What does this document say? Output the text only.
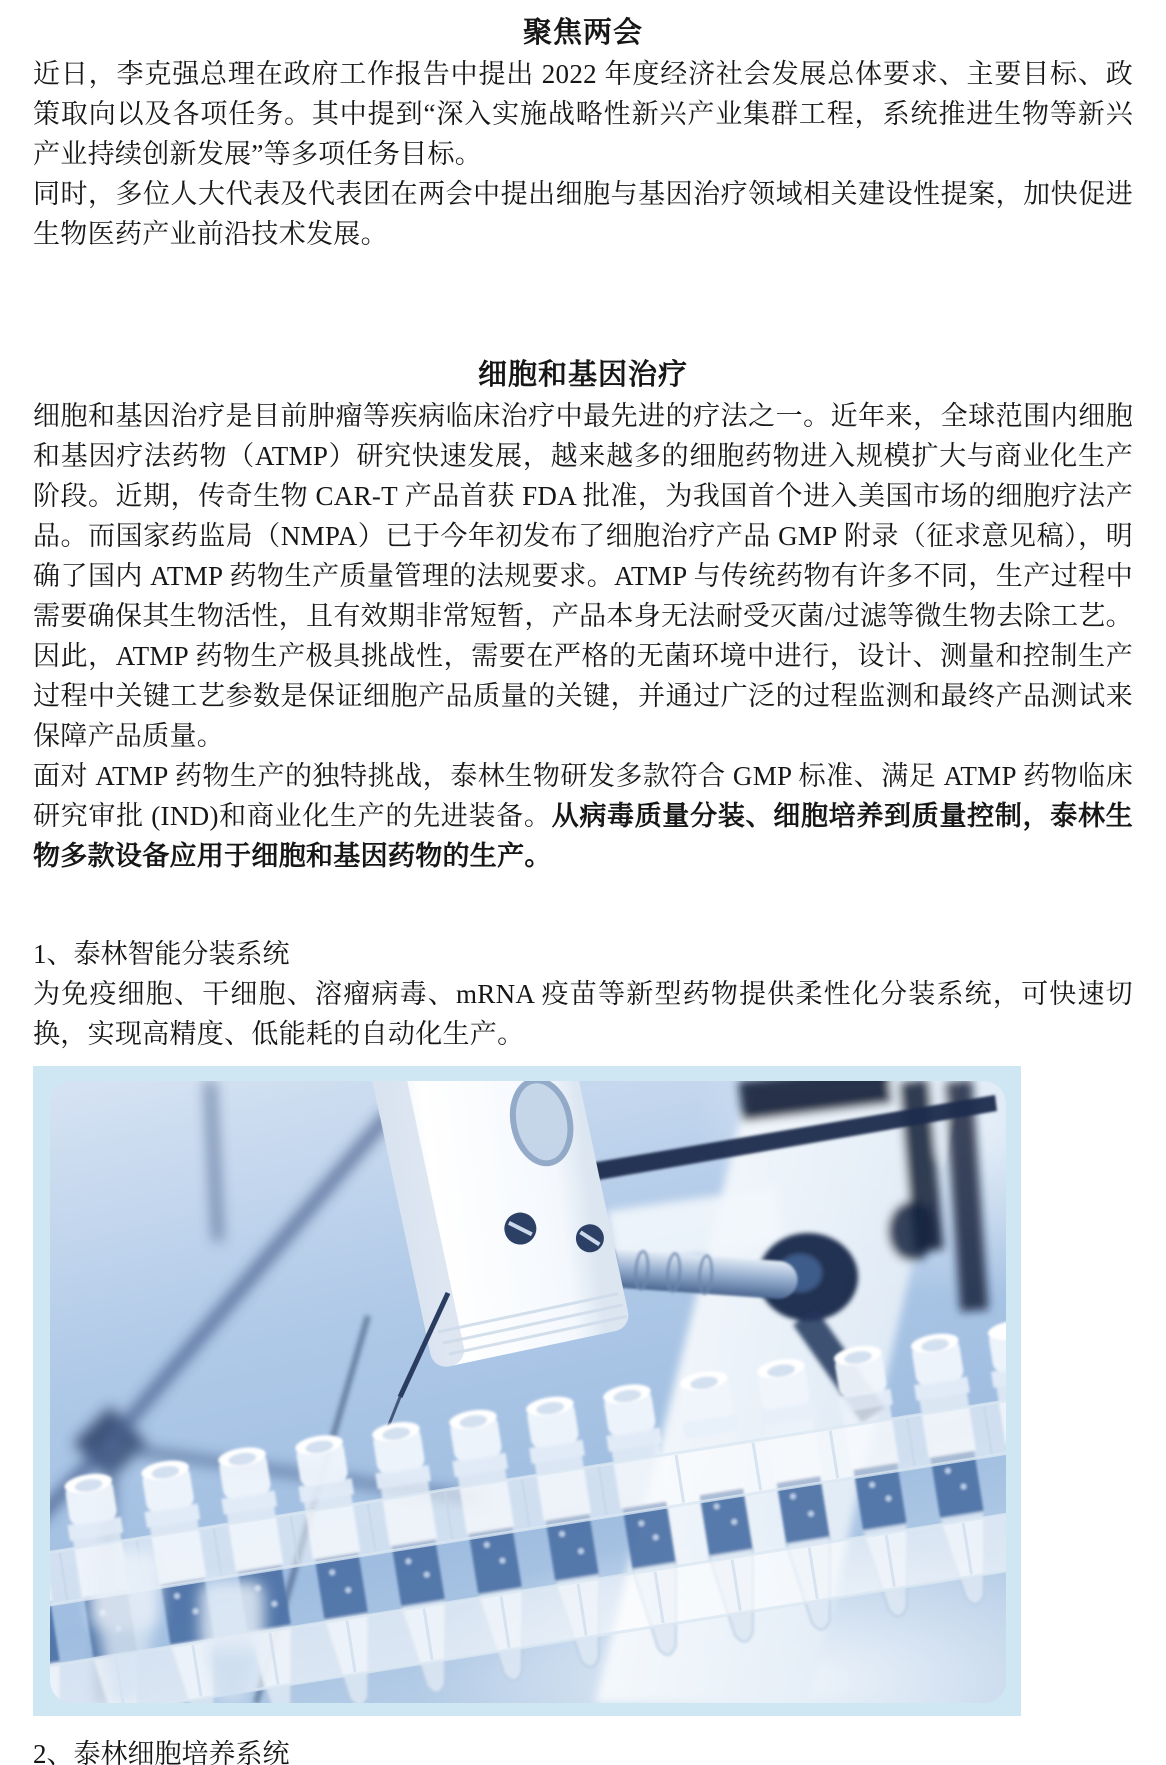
聚焦两会

近日，李克强总理在政府工作报告中提出 2022 年度经济社会发展总体要求、主要目标、政策取向以及各项任务。其中提到“深入实施战略性新兴产业集群工程，系统推进生物等新兴产业持续创新发展”等多项任务目标。

同时，多位人大代表及代表团在两会中提出细胞与基因治疗领域相关建设性提案，加快促进生物医药产业前沿技术发展。

细胞和基因治疗

细胞和基因治疗是目前肿瘤等疾病临床治疗中最先进的疗法之一。近年来，全球范围内细胞和基因疗法药物（ATMP）研究快速发展，越来越多的细胞药物进入规模扩大与商业化生产阶段。近期，传奇生物 CAR-T 产品首获 FDA 批准，为我国首个进入美国市场的细胞疗法产品。而国家药监局（NMPA）已于今年初发布了细胞治疗产品 GMP 附录（征求意见稿），明确了国内 ATMP 药物生产质量管理的法规要求。ATMP 与传统药物有许多不同，生产过程中需要确保其生物活性，且有效期非常短暂，产品本身无法耐受灭菌/过滤等微生物去除工艺。因此，ATMP 药物生产极具挑战性，需要在严格的无菌环境中进行，设计、测量和控制生产过程中关键工艺参数是保证细胞产品质量的关键，并通过广泛的过程监测和最终产品测试来保障产品质量。

面对 ATMP 药物生产的独特挑战，泰林生物研发多款符合 GMP 标准、满足 ATMP 药物临床研究审批 (IND)和商业化生产的先进装备。从病毒质量分装、细胞培养到质量控制，泰林生物多款设备应用于细胞和基因药物的生产。

1、泰林智能分装系统

为免疫细胞、干细胞、溶瘤病毒、mRNA 疫苗等新型药物提供柔性化分装系统，可快速切换，实现高精度、低能耗的自动化生产。

2、泰林细胞培养系统
